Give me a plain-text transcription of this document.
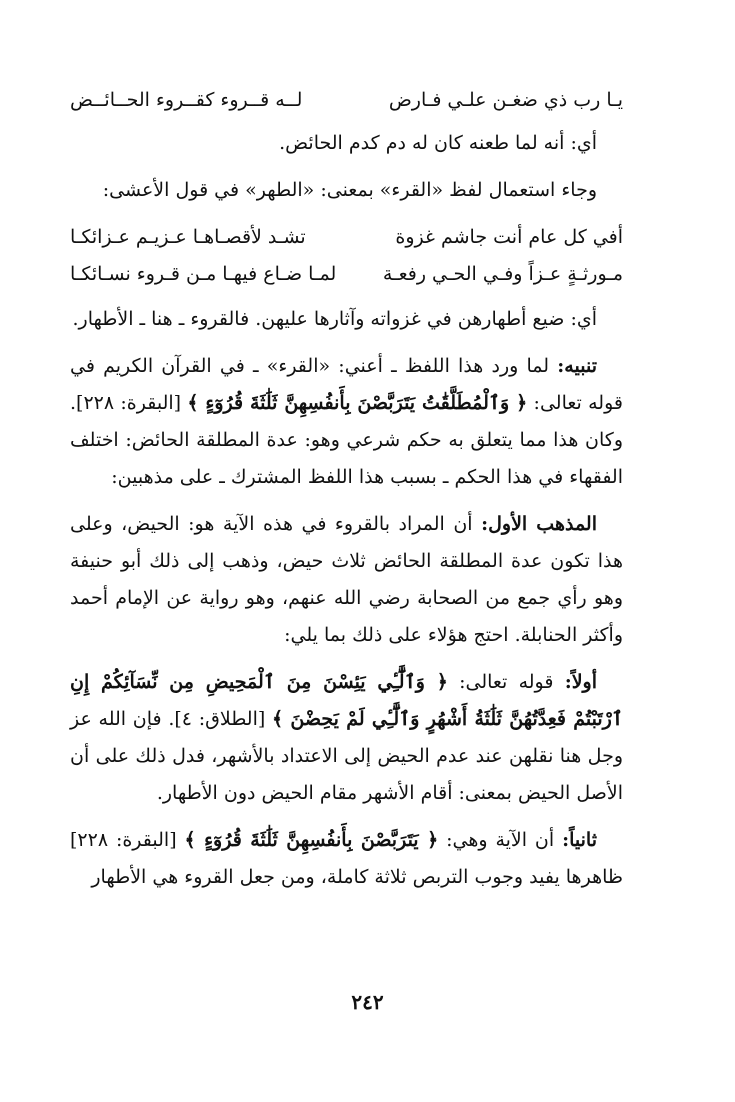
يـا رب ذي ضغـن علـي فـارض
لــه قــروء كقــروء الحــائــض

أي: أنه لما طعنه كان له دم كدم الحائض.

وجاء استعمال لفظ «القرء» بمعنى: «الطهر» في قول الأعشى:

أفي كل عام أنت جاشم غزوة
تشـد لأقصـاهـا عـزيـم عـزائكـا
مـورثـةٍ عـزاً وفـي الحـي رفعـة
لمـا ضـاع فيهـا مـن قـروء نسـائكـا

أي: ضيع أطهارهن في غزواته وآثارها عليهن. فالقروء ـ هنا ـ الأطهار.

تنبيه: لما ورد هذا اللفظ ـ أعني: «القرء» ـ في القرآن الكريم في قوله تعالى: ﴿ وَٱلْمُطَلَّقَٰتُ يَتَرَبَّصْنَ بِأَنفُسِهِنَّ ثَلَٰثَةَ قُرُوٓءٍ ﴾ [البقرة: ٢٢٨]. وكان هذا مما يتعلق به حكم شرعي وهو: عدة المطلقة الحائض: اختلف الفقهاء في هذا الحكم ـ بسبب هذا اللفظ المشترك ـ على مذهبين:

المذهب الأول: أن المراد بالقروء في هذه الآية هو: الحيض، وعلى هذا تكون عدة المطلقة الحائض ثلاث حيض، وذهب إلى ذلك أبو حنيفة وهو رأي جمع من الصحابة رضي الله عنهم، وهو رواية عن الإمام أحمد وأكثر الحنابلة. احتج هؤلاء على ذلك بما يلي:

أولاً: قوله تعالى: ﴿ وَٱلَّٰٓـِٔي يَئِسْنَ مِنَ ٱلْمَحِيضِ مِن نِّسَآئِكُمْ إِنِ ٱرْتَبْتُمْ فَعِدَّتُهُنَّ ثَلَٰثَةُ أَشْهُرٍ وَٱلَّٰٓـِٔي لَمْ يَحِضْنَ ﴾ [الطلاق: ٤]. فإن الله عز وجل هنا نقلهن عند عدم الحيض إلى الاعتداد بالأشهر، فدل ذلك على أن الأصل الحيض بمعنى: أقام الأشهر مقام الحيض دون الأطهار.

ثانياً: أن الآية وهي: ﴿ يَتَرَبَّصْنَ بِأَنفُسِهِنَّ ثَلَٰثَةَ قُرُوٓءٍ ﴾ [البقرة: ٢٢٨] ظاهرها يفيد وجوب التربص ثلاثة كاملة، ومن جعل القروء هي الأطهار

٢٤٢
